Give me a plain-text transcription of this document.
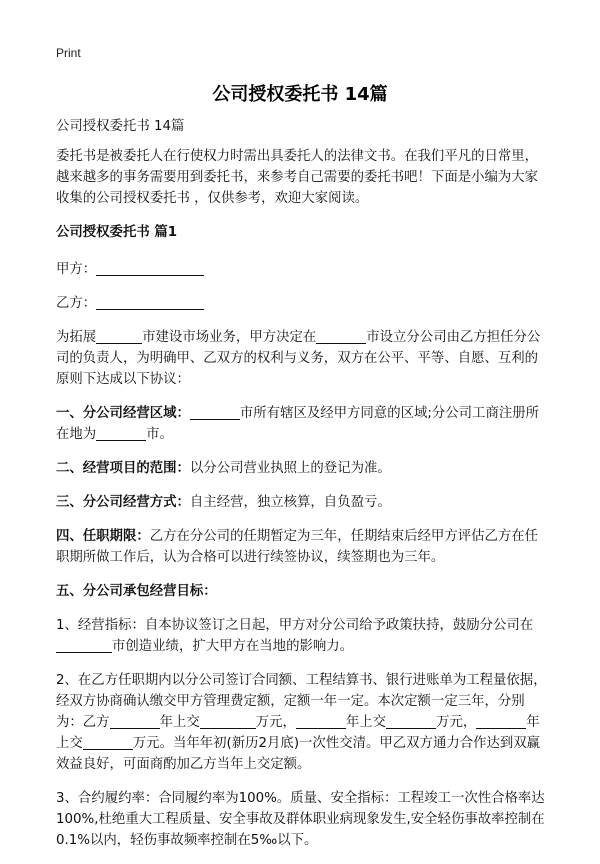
Print
公司授权委托书 14篇

公司授权委托书 14篇

委托书是被委托人在行使权力时需出具委托人的法律文书。在我们平凡的日常里，越来越多的事务需要用到委托书，来参考自己需要的委托书吧！下面是小编为大家收集的公司授权委托书 ，仅供参考，欢迎大家阅读。

公司授权委托书 篇1

甲方：

乙方：

为拓展	市建设市场业务，甲方决定在	市设立分公司由乙方担任分公司的负责人，为明确甲、乙双方的权利与义务，双方在公平、平等、自愿、互利的原则下达成以下协议：

一、分公司经营区域：	市所有辖区及经甲方同意的区域;分公司工商注册所在地为	市。

二、经营项目的范围：以分公司营业执照上的登记为准。

三、分公司经营方式：自主经营，独立核算，自负盈亏。

四、任职期限：乙方在分公司的任期暂定为三年，任期结束后经甲方评估乙方在任职期所做工作后，认为合格可以进行续签协议，续签期也为三年。

五、分公司承包经营目标：

1、经营指标：自本协议签订之日起，甲方对分公司给予政策扶持，鼓励分公司在市创造业绩，扩大甲方在当地的影响力。

2、在乙方任职期内以分公司签订合同额、工程结算书、银行进账单为工程量依据，经双方协商确认缴交甲方管理费定额，定额一年一定。本次定额一定三年，分别为：乙方	年上交	万元，	年上交	万元，	年上交	万元。当年年初(新历2月底)一次性交清。甲乙双方通力合作达到双赢效益良好，可面商酌加乙方当年上交定额。

3、合约履约率：合同履约率为100%。质量、安全指标：工程竣工一次性合格率达100%,杜绝重大工程质量、安全事故及群体职业病现象发生,安全轻伤事故率控制在0.1%以内，轻伤事故频率控制在5‰以下。
